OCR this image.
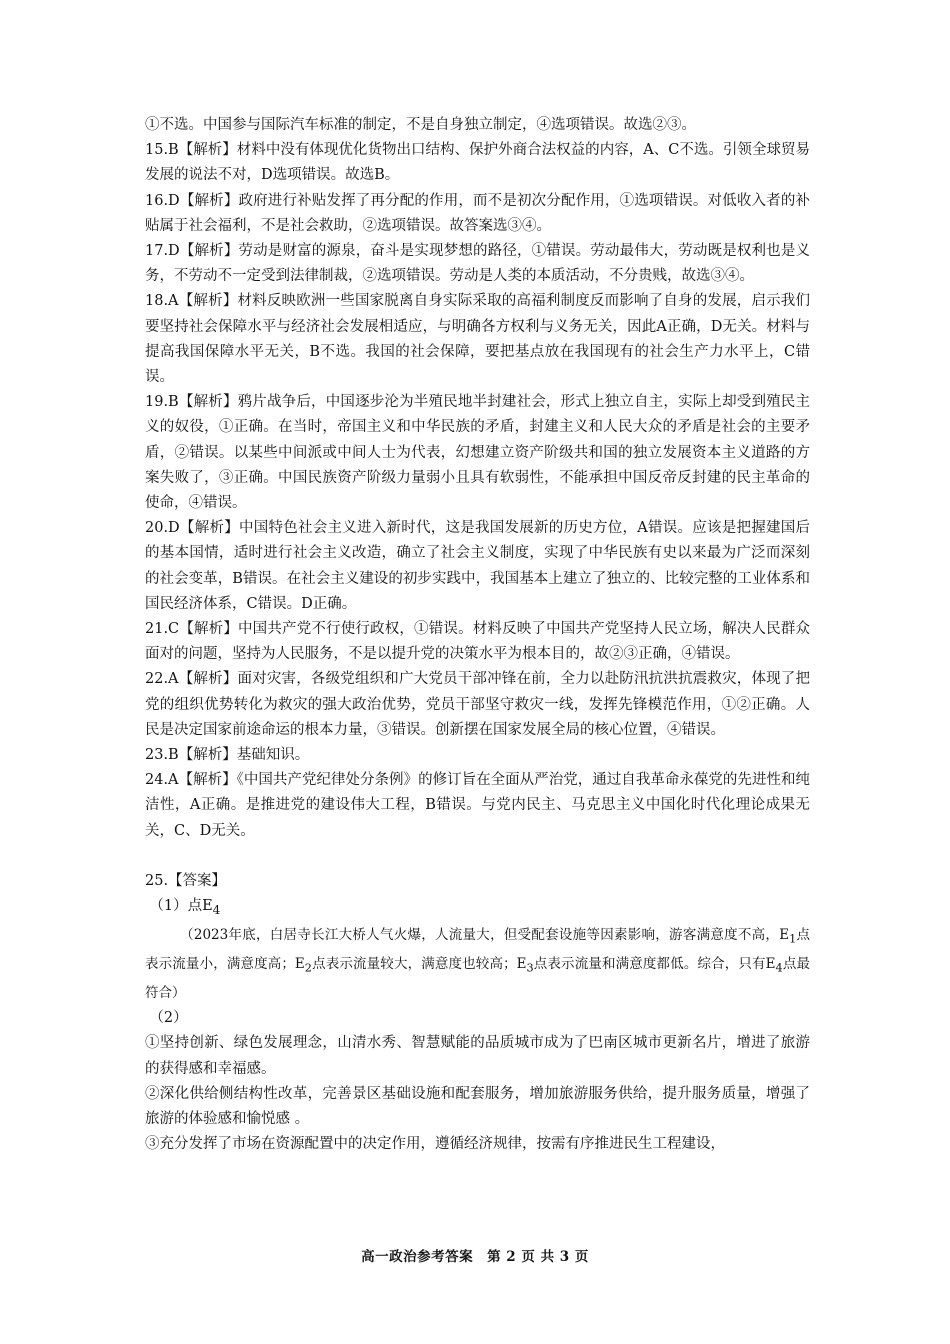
①不选。中国参与国际汽车标准的制定，不是自身独立制定，④选项错误。故选②③。

15.B【解析】材料中没有体现优化货物出口结构、保护外商合法权益的内容，A、C不选。引领全球贸易发展的说法不对，D选项错误。故选B。

16.D【解析】政府进行补贴发挥了再分配的作用，而不是初次分配作用，①选项错误。对低收入者的补贴属于社会福利，不是社会救助，②选项错误。故答案选③④。

17.D【解析】劳动是财富的源泉，奋斗是实现梦想的路径，①错误。劳动最伟大，劳动既是权利也是义务，不劳动不一定受到法律制裁，②选项错误。劳动是人类的本质活动，不分贵贱，故选③④。

18.A【解析】材料反映欧洲一些国家脱离自身实际采取的高福利制度反而影响了自身的发展，启示我们要坚持社会保障水平与经济社会发展相适应，与明确各方权利与义务无关，因此A正确，D无关。材料与提高我国保障水平无关，B不选。我国的社会保障，要把基点放在我国现有的社会生产力水平上，C错误。

19.B【解析】鸦片战争后，中国逐步沦为半殖民地半封建社会，形式上独立自主，实际上却受到殖民主义的奴役，①正确。在当时，帝国主义和中华民族的矛盾，封建主义和人民大众的矛盾是社会的主要矛盾，②错误。以某些中间派或中间人士为代表，幻想建立资产阶级共和国的独立发展资本主义道路的方案失败了，③正确。中国民族资产阶级力量弱小且具有软弱性，不能承担中国反帝反封建的民主革命的使命，④错误。

20.D【解析】中国特色社会主义进入新时代，这是我国发展新的历史方位，A错误。应该是把握建国后的基本国情，适时进行社会主义改造，确立了社会主义制度，实现了中华民族有史以来最为广泛而深刻的社会变革，B错误。在社会主义建设的初步实践中，我国基本上建立了独立的、比较完整的工业体系和国民经济体系，C错误。D正确。

21.C【解析】中国共产党不行使行政权，①错误。材料反映了中国共产党坚持人民立场，解决人民群众面对的问题，坚持为人民服务，不是以提升党的决策水平为根本目的，故②③正确，④错误。

22.A【解析】面对灾害，各级党组织和广大党员干部冲锋在前，全力以赴防汛抗洪抗震救灾，体现了把党的组织优势转化为救灾的强大政治优势，党员干部坚守救灾一线，发挥先锋模范作用，①②正确。人民是决定国家前途命运的根本力量，③错误。创新摆在国家发展全局的核心位置，④错误。

23.B【解析】基础知识。

24.A【解析】《中国共产党纪律处分条例》的修订旨在全面从严治党，通过自我革命永葆党的先进性和纯洁性，A正确。是推进党的建设伟大工程，B错误。与党内民主、马克思主义中国化时代化理论成果无关，C、D无关。

25.【答案】

（1）点$E_4$

（2023年底，白居寺长江大桥人气火爆，人流量大，但受配套设施等因素影响，游客满意度不高，$E_1$点表示流量小，满意度高；$E_2$点表示流量较大，满意度也较高；$E_3$点表示流量和满意度都低。综合，只有$E_4$点最符合）

（2）

①坚持创新、绿色发展理念，山清水秀、智慧赋能的品质城市成为了巴南区城市更新名片，增进了旅游的获得感和幸福感。

②深化供给侧结构性改革，完善景区基础设施和配套服务，增加旅游服务供给，提升服务质量，增强了旅游的体验感和愉悦感 。

③充分发挥了市场在资源配置中的决定作用，遵循经济规律，按需有序推进民生工程建设，

高一政治参考答案　第 2 页 共 3 页
